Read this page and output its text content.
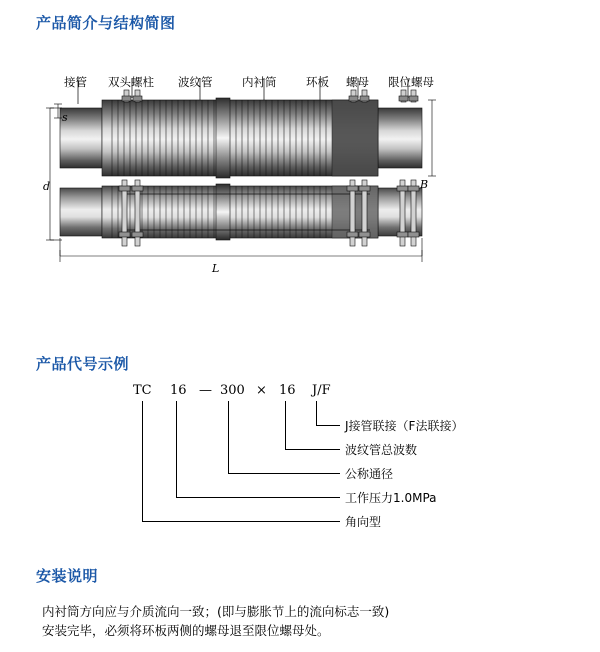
产品简介与结构简图
接管 双头螺柱 波纹管	内衬筒	环板 螺母 限位螺母
s
d	B
L
产品代号示例
TC 16 — 300 × 16 J/F
J接管联接（F法联接）
波纹管总波数
公称通径
工作压力1.0MPa
角向型
安装说明
内衬筒方向应与介质流向一致；(即与膨胀节上的流向标志一致)
安装完毕，必须将环板两侧的螺母退至限位螺母处。
